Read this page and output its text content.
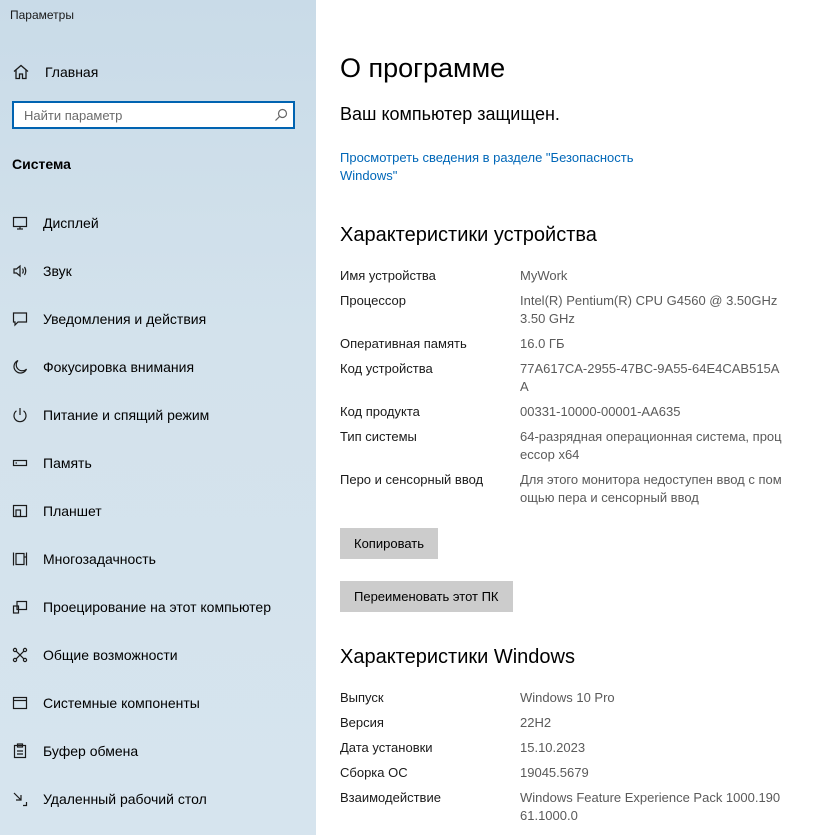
Параметры
Главная
Найти параметр
Система
Дисплей
Звук
Уведомления и действия
Фокусировка внимания
Питание и спящий режим
Память
Планшет
Многозадачность
Проецирование на этот компьютер
Общие возможности
Системные компоненты
Буфер обмена
Удаленный рабочий стол
О программе
Ваш компьютер защищен.
Просмотреть сведения в разделе "Безопасность Windows"
Характеристики устройства
Имя устройства	MyWork
Процессор	Intel(R) Pentium(R) CPU G4560 @ 3.50GHz 3.50 GHz
Оперативная память	16.0 ГБ
Код устройства	77A617CA-2955-47BC-9A55-64E4CAB515AA
Код продукта	00331-10000-00001-AA635
Тип системы	64-разрядная операционная система, процессор x64
Перо и сенсорный ввод	Для этого монитора недоступен ввод с помощью пера и сенсорный ввод
Копировать
Переименовать этот ПК
Характеристики Windows
Выпуск	Windows 10 Pro
Версия	22H2
Дата установки	15.10.2023
Сборка ОС	19045.5679
Взаимодействие	Windows Feature Experience Pack 1000.19061.1000.0
